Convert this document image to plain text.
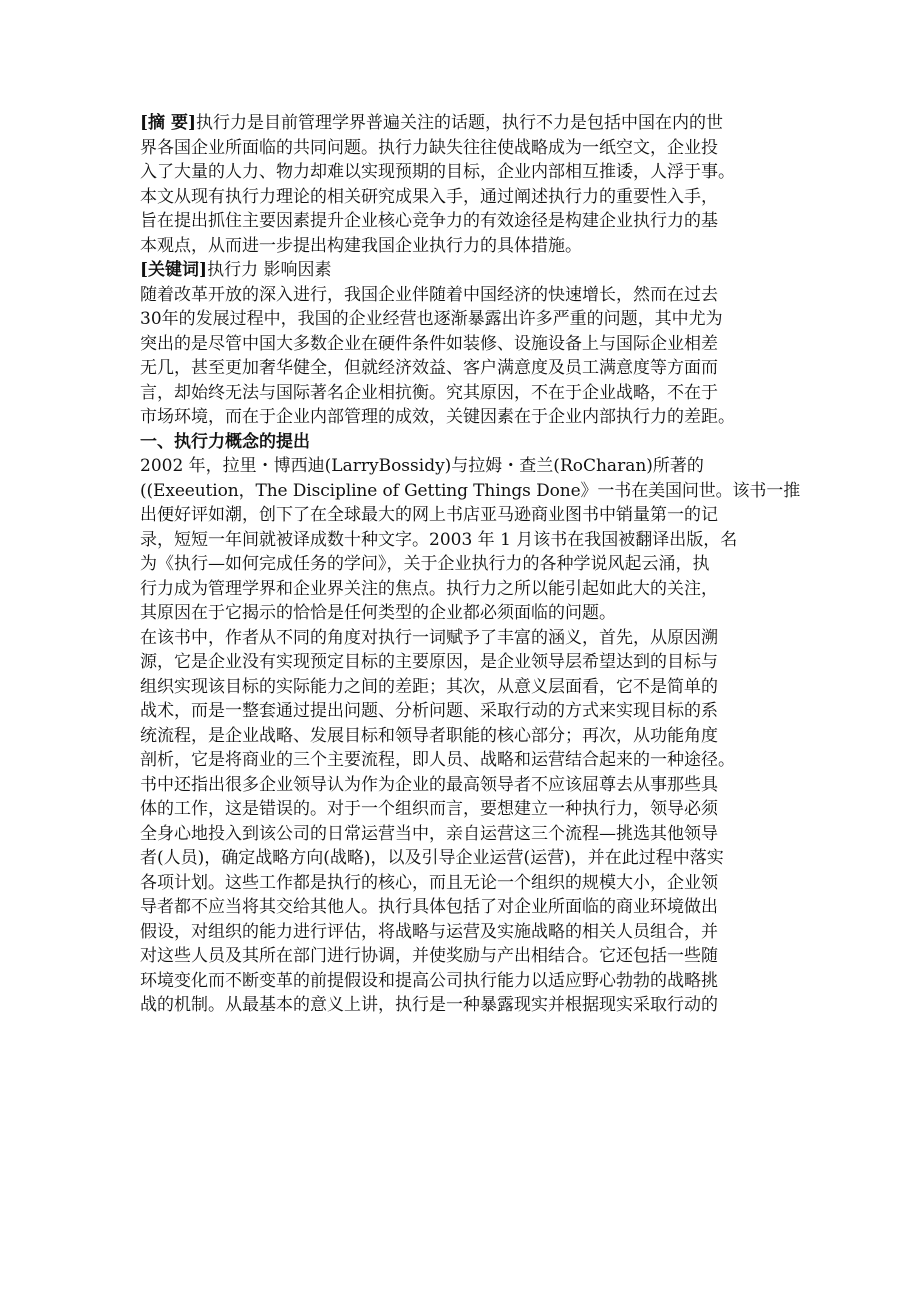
[摘 要]执行力是目前管理学界普遍关注的话题，执行不力是包括中国在内的世
界各国企业所面临的共同问题。执行力缺失往往使战略成为一纸空文，企业投
入了大量的人力、物力却难以实现预期的目标，企业内部相互推诿，人浮于事。
本文从现有执行力理论的相关研究成果入手，通过阐述执行力的重要性入手，
旨在提出抓住主要因素提升企业核心竞争力的有效途径是构建企业执行力的基
本观点，从而进一步提出构建我国企业执行力的具体措施。
[关键词]执行力 影响因素
随着改革开放的深入进行，我国企业伴随着中国经济的快速增长，然而在过去
30年的发展过程中，我国的企业经营也逐渐暴露出许多严重的问题，其中尤为
突出的是尽管中国大多数企业在硬件条件如装修、设施设备上与国际企业相差
无几，甚至更加奢华健全，但就经济效益、客户满意度及员工满意度等方面而
言，却始终无法与国际著名企业相抗衡。究其原因，不在于企业战略，不在于
市场环境，而在于企业内部管理的成效，关键因素在于企业内部执行力的差距。
一、执行力概念的提出
2002 年，拉里・博西迪(LarryBossidy)与拉姆・查兰(RoCharan)所著的
((Exeeution，The Discipline of Getting Things Done》一书在美国问世。该书一推
出便好评如潮，创下了在全球最大的网上书店亚马逊商业图书中销量第一的记
录，短短一年间就被译成数十种文字。2003 年 1 月该书在我国被翻译出版，名
为《执行—如何完成任务的学问》，关于企业执行力的各种学说风起云涌，执
行力成为管理学界和企业界关注的焦点。执行力之所以能引起如此大的关注，
其原因在于它揭示的恰恰是任何类型的企业都必须面临的问题。
在该书中，作者从不同的角度对执行一词赋予了丰富的涵义，首先，从原因溯
源，它是企业没有实现预定目标的主要原因，是企业领导层希望达到的目标与
组织实现该目标的实际能力之间的差距；其次，从意义层面看，它不是简单的
战术，而是一整套通过提出问题、分析问题、采取行动的方式来实现目标的系
统流程，是企业战略、发展目标和领导者职能的核心部分；再次，从功能角度
剖析，它是将商业的三个主要流程，即人员、战略和运营结合起来的一种途径。
书中还指出很多企业领导认为作为企业的最高领导者不应该屈尊去从事那些具
体的工作，这是错误的。对于一个组织而言，要想建立一种执行力，领导必须
全身心地投入到该公司的日常运营当中，亲自运营这三个流程—挑选其他领导
者(人员)，确定战略方向(战略)，以及引导企业运营(运营)，并在此过程中落实
各项计划。这些工作都是执行的核心，而且无论一个组织的规模大小，企业领
导者都不应当将其交给其他人。执行具体包括了对企业所面临的商业环境做出
假设，对组织的能力进行评估，将战略与运营及实施战略的相关人员组合，并
对这些人员及其所在部门进行协调，并使奖励与产出相结合。它还包括一些随
环境变化而不断变革的前提假设和提高公司执行能力以适应野心勃勃的战略挑
战的机制。从最基本的意义上讲，执行是一种暴露现实并根据现实采取行动的
